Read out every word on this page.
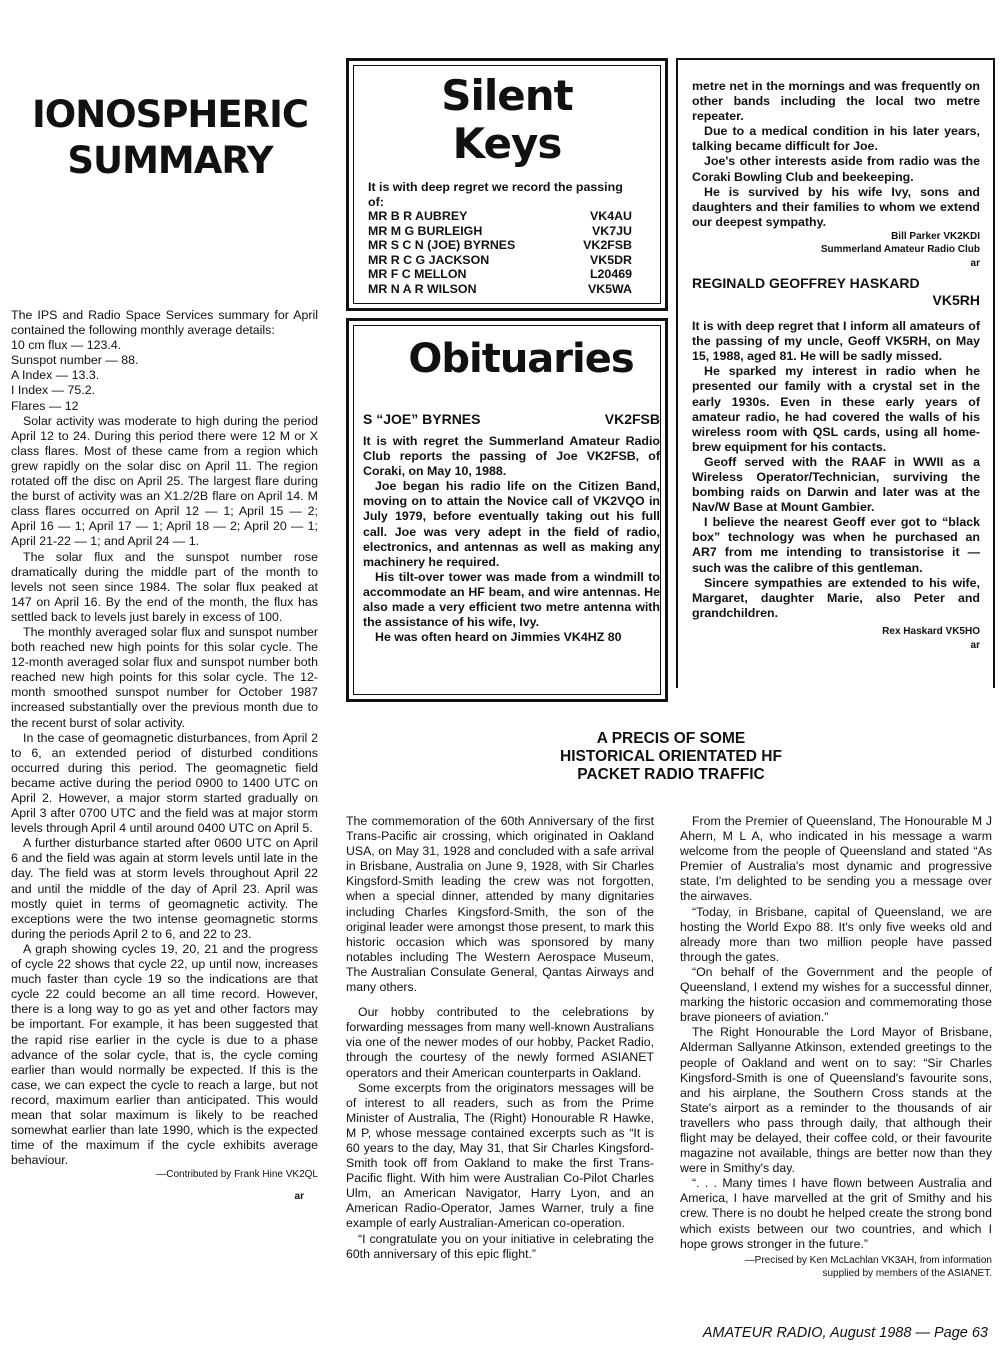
IONOSPHERIC
SUMMARY

The IPS and Radio Space Services summary for April contained the following monthly average details:

10 cm flux — 123.4.

Sunspot number — 88.

A Index — 13.3.

I Index — 75.2.

Flares — 12

Solar activity was moderate to high during the period April 12 to 24. During this period there were 12 M or X class flares. Most of these came from a region which grew rapidly on the solar disc on April 11. The region rotated off the disc on April 25. The largest flare during the burst of activity was an X1.2/2B flare on April 14. M class flares occurred on April 12 — 1; April 15 — 2; April 16 — 1; April 17 — 1; April 18 — 2; April 20 — 1; April 21-22 — 1; and April 24 — 1.

The solar flux and the sunspot number rose dramatically during the middle part of the month to levels not seen since 1984. The solar flux peaked at 147 on April 16. By the end of the month, the flux has settled back to levels just barely in excess of 100.

The monthly averaged solar flux and sunspot number both reached new high points for this solar cycle. The 12-month averaged solar flux and sunspot number both reached new high points for this solar cycle. The 12-month smoothed sunspot number for October 1987 increased substantially over the previous month due to the recent burst of solar activity.

In the case of geomagnetic disturbances, from April 2 to 6, an extended period of disturbed conditions occurred during this period. The geomagnetic field became active during the period 0900 to 1400 UTC on April 2. However, a major storm started gradually on April 3 after 0700 UTC and the field was at major storm levels through April 4 until around 0400 UTC on April 5.

A further disturbance started after 0600 UTC on April 6 and the field was again at storm levels until late in the day. The field was at storm levels throughout April 22 and until the middle of the day of April 23. April was mostly quiet in terms of geomagnetic activity. The exceptions were the two intense geomagnetic storms during the periods April 2 to 6, and 22 to 23.

A graph showing cycles 19, 20, 21 and the progress of cycle 22 shows that cycle 22, up until now, increases much faster than cycle 19 so the indications are that cycle 22 could become an all time record. However, there is a long way to go as yet and other factors may be important. For example, it has been suggested that the rapid rise earlier in the cycle is due to a phase advance of the solar cycle, that is, the cycle coming earlier than would normally be expected. If this is the case, we can expect the cycle to reach a large, but not record, maximum earlier than anticipated. This would mean that solar maximum is likely to be reached somewhat earlier than late 1990, which is the expected time of the maximum if the cycle exhibits average behaviour.

—Contributed by Frank Hine VK2QL

ar

Silent
Keys
It is with deep regret we record the passing of:
MR B R AUBREY	VK4AU
MR M G BURLEIGH	VK7JU
MR S C N (JOE) BYRNES	VK2FSB
MR R C G JACKSON	VK5DR
MR F C MELLON	L20469
MR N A R WILSON	VK5WA
Obituaries
S “JOE” BYRNES	VK2FSB

It is with regret the Summerland Amateur Radio Club reports the passing of Joe VK2FSB, of Coraki, on May 10, 1988.

Joe began his radio life on the Citizen Band, moving on to attain the Novice call of VK2VQO in July 1979, before eventually taking out his full call. Joe was very adept in the field of radio, electronics, and antennas as well as making any machinery he required.

His tilt-over tower was made from a windmill to accommodate an HF beam, and wire antennas. He also made a very efficient two metre antenna with the assistance of his wife, Ivy.

He was often heard on Jimmies VK4HZ 80

metre net in the mornings and was frequently on other bands including the local two metre repeater.

Due to a medical condition in his later years, talking became difficult for Joe.

Joe's other interests aside from radio was the Coraki Bowling Club and beekeeping.

He is survived by his wife Ivy, sons and daughters and their families to whom we extend our deepest sympathy.

Bill Parker VK2KDI

Summerland Amateur Radio Club

ar

REGINALD GEOFFREY HASKARD
VK5RH

It is with deep regret that I inform all amateurs of the passing of my uncle, Geoff VK5RH, on May 15, 1988, aged 81. He will be sadly missed.

He sparked my interest in radio when he presented our family with a crystal set in the early 1930s. Even in these early years of amateur radio, he had covered the walls of his wireless room with QSL cards, using all home-brew equipment for his contacts.

Geoff served with the RAAF in WWII as a Wireless Operator/Technician, surviving the bombing raids on Darwin and later was at the Nav/W Base at Mount Gambier.

I believe the nearest Geoff ever got to “black box” technology was when he purchased an AR7 from me intending to transistorise it — such was the calibre of this gentleman.

Sincere sympathies are extended to his wife, Margaret, daughter Marie, also Peter and grandchildren.

Rex Haskard VK5HO

ar

A PRECIS OF SOME
HISTORICAL ORIENTATED HF
PACKET RADIO TRAFFIC

The commemoration of the 60th Anniversary of the first Trans-Pacific air crossing, which originated in Oakland USA, on May 31, 1928 and concluded with a safe arrival in Brisbane, Australia on June 9, 1928, with Sir Charles Kingsford-Smith leading the crew was not forgotten, when a special dinner, attended by many dignitaries including Charles Kingsford-Smith, the son of the original leader were amongst those present, to mark this historic occasion which was sponsored by many notables including The Western Aerospace Museum, The Australian Consulate General, Qantas Airways and many others.

Our hobby contributed to the celebrations by forwarding messages from many well-known Australians via one of the newer modes of our hobby, Packet Radio, through the courtesy of the newly formed ASIANET operators and their American counterparts in Oakland.

Some excerpts from the originators messages will be of interest to all readers, such as from the Prime Minister of Australia, The (Right) Honourable R Hawke, M P, whose message contained excerpts such as “It is 60 years to the day, May 31, that Sir Charles Kingsford-Smith took off from Oakland to make the first Trans-Pacific flight. With him were Australian Co-Pilot Charles Ulm, an American Navigator, Harry Lyon, and an American Radio-Operator, James Warner, truly a fine example of early Australian-American co-operation.

“I congratulate you on your initiative in celebrating the 60th anniversary of this epic flight.”

From the Premier of Queensland, The Honourable M J Ahern, M L A, who indicated in his message a warm welcome from the people of Queensland and stated “As Premier of Australia's most dynamic and progressive state, I'm delighted to be sending you a message over the airwaves.

“Today, in Brisbane, capital of Queensland, we are hosting the World Expo 88. It's only five weeks old and already more than two million people have passed through the gates.

“On behalf of the Government and the people of Queensland, I extend my wishes for a successful dinner, marking the historic occasion and commemorating those brave pioneers of aviation.”

The Right Honourable the Lord Mayor of Brisbane, Alderman Sallyanne Atkinson, extended greetings to the people of Oakland and went on to say: “Sir Charles Kingsford-Smith is one of Queensland's favourite sons, and his airplane, the Southern Cross stands at the State's airport as a reminder to the thousands of air travellers who pass through daily, that although their flight may be delayed, their coffee cold, or their favourite magazine not available, things are better now than they were in Smithy's day.

“. . . Many times I have flown between Australia and America, I have marvelled at the grit of Smithy and his crew. There is no doubt he helped create the strong bond which exists between our two countries, and which I hope grows stronger in the future.”

—Precised by Ken McLachlan VK3AH, from information

supplied by members of the ASIANET.

AMATEUR RADIO, August 1988 — Page 63
